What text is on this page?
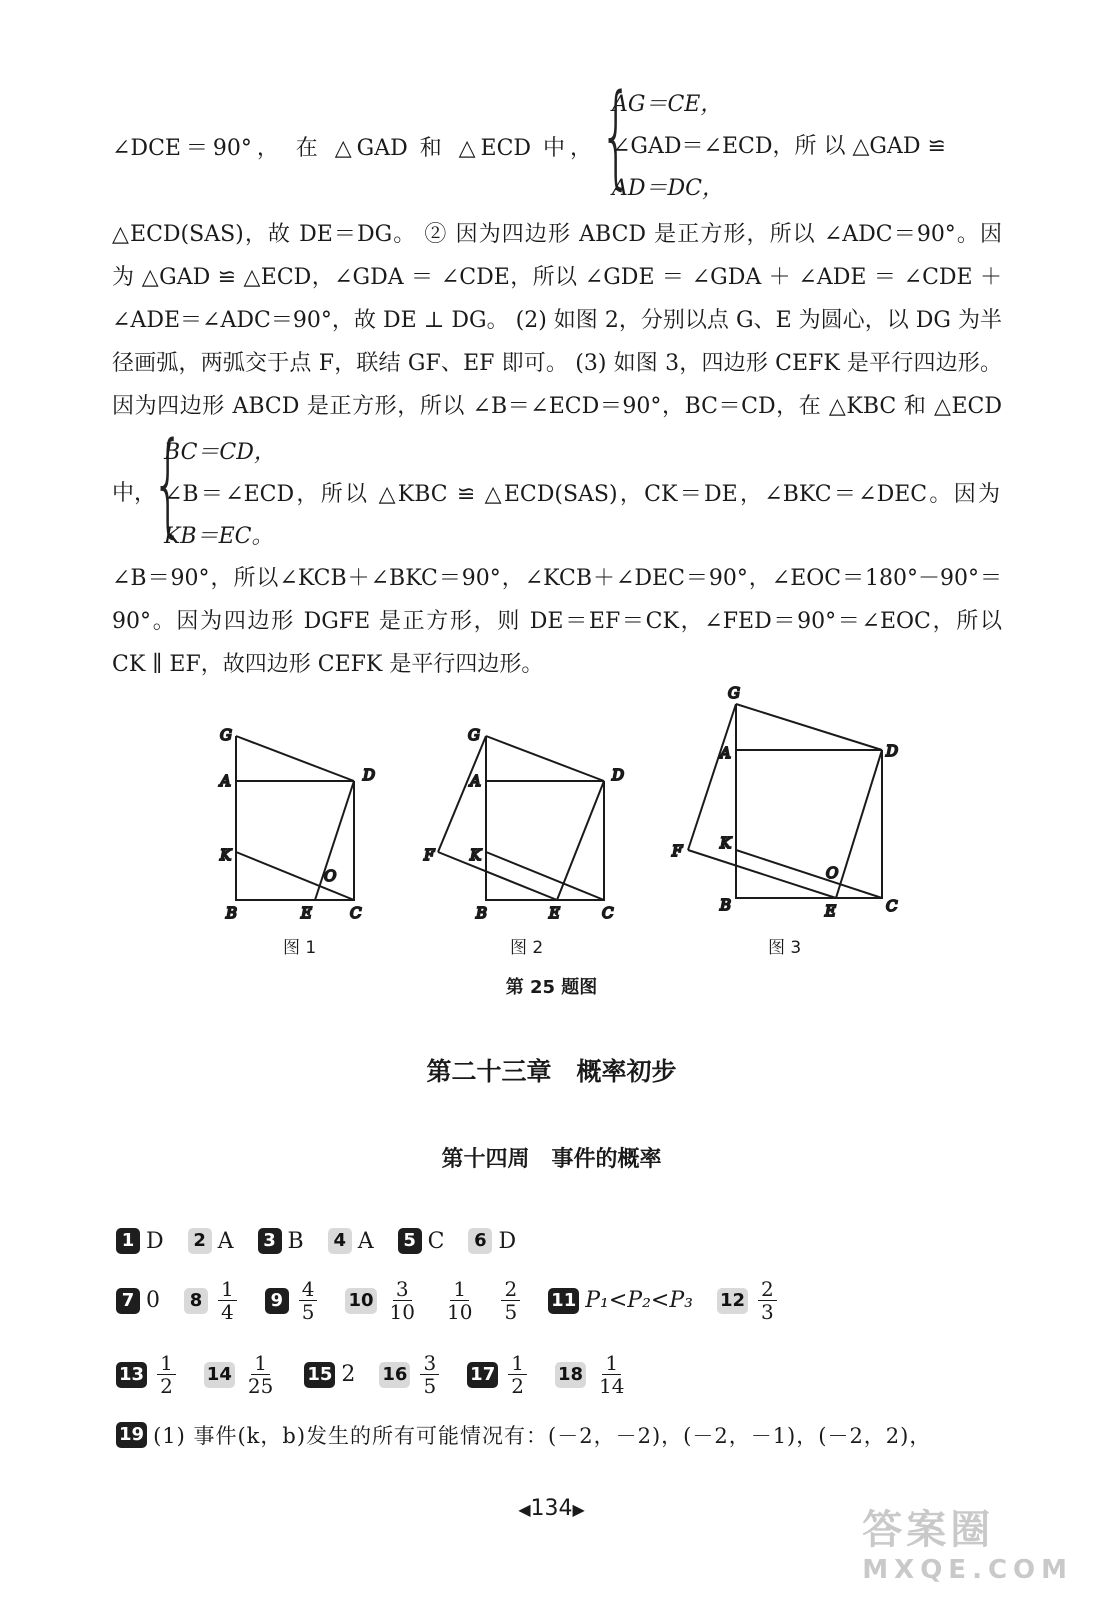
{
AG＝CE，
∠GAD＝∠ECD，所 以 △GAD ≌
AD＝DC，
∠DCE＝90°， 在 △GAD 和 △ECD 中，
△ECD(SAS)，故 DE＝DG。 ② 因为四边形 ABCD 是正方形，所以 ∠ADC＝90°。因
为 △GAD ≌ △ECD，∠GDA ＝ ∠CDE，所以 ∠GDE ＝ ∠GDA ＋ ∠ADE ＝ ∠CDE ＋
∠ADE＝∠ADC＝90°，故 DE ⊥ DG。 (2) 如图 2，分别以点 G、E 为圆心，以 DG 为半
径画弧，两弧交于点 F，联结 GF、EF 即可。 (3) 如图 3，四边形 CEFK 是平行四边形。
因为四边形 ABCD 是正方形，所以 ∠B＝∠ECD＝90°，BC＝CD，在 △KBC 和 △ECD
中，
{
BC＝CD，
∠B＝∠ECD，所以 △KBC ≌ △ECD(SAS)，CK＝DE，∠BKC＝∠DEC。因为
KB＝EC。
∠B＝90°，所以∠KCB＋∠BKC＝90°，∠KCB＋∠DEC＝90°，∠EOC＝180°－90°＝
90°。因为四边形 DGFE 是正方形，则 DE＝EF＝CK，∠FED＝90°＝∠EOC，所以
CK ∥ EF，故四边形 CEFK 是平行四边形。
G
A	D
K
O
B	E	C
G
A	D
F K
B	E	C
G
A	D
F	K
O
B	E	C
图 1	图 2	图 3
第 25 题图
第二十三章　概率初步
第十四周　事件的概率
1 D	2 A	3 B	4 A	5 C	6 D
7 0	$8 \frac{1}{4}$	$9 \frac{4}{5} 10 \frac{3}{10} \frac{1}{10} \frac{2}{5} 11$ P₁<P₂<P₃ $12 \frac{2}{3}$
$13 \frac{1}{2} 14 \frac{1}{25} 15$ 2 $16 \frac{3}{5} 17 \frac{1}{2} 18 \frac{1}{14}$
19 (1) 事件(k，b)发生的所有可能情况有：(－2，－2)，(－2，－1)，(－2，2)，
◀134▶	答案圈
MXQE.COM
